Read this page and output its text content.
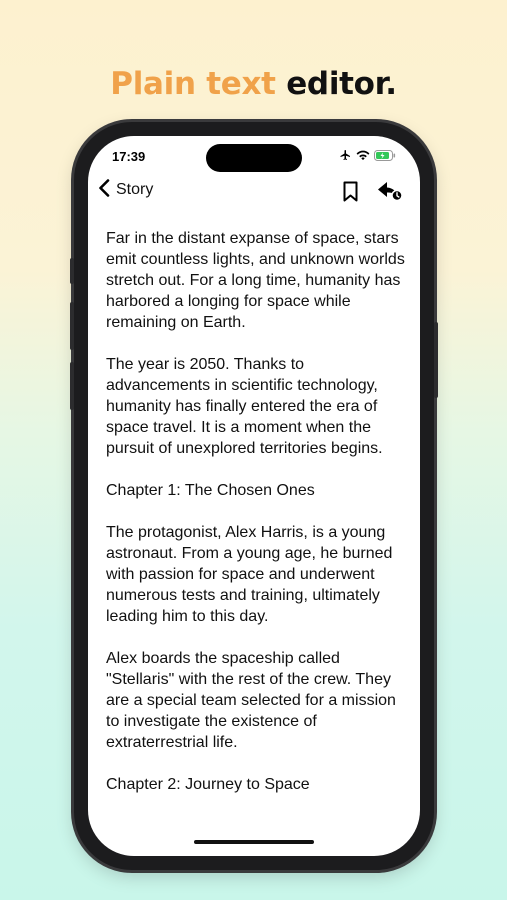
Plain text editor.
17:39
Story

Far in the distant expanse of space, stars emit countless lights, and unknown worlds stretch out. For a long time, humanity has harbored a longing for space while remaining on Earth.

The year is 2050. Thanks to advancements in scientific technology, humanity has finally entered the era of space travel. It is a moment when the pursuit of unexplored territories begins.

Chapter 1: The Chosen Ones

The protagonist, Alex Harris, is a young astronaut. From a young age, he burned with passion for space and underwent numerous tests and training, ultimately leading him to this day.

Alex boards the spaceship called "Stellaris" with the rest of the crew. They are a special team selected for a mission to investigate the existence of extraterrestrial life.

Chapter 2: Journey to Space
